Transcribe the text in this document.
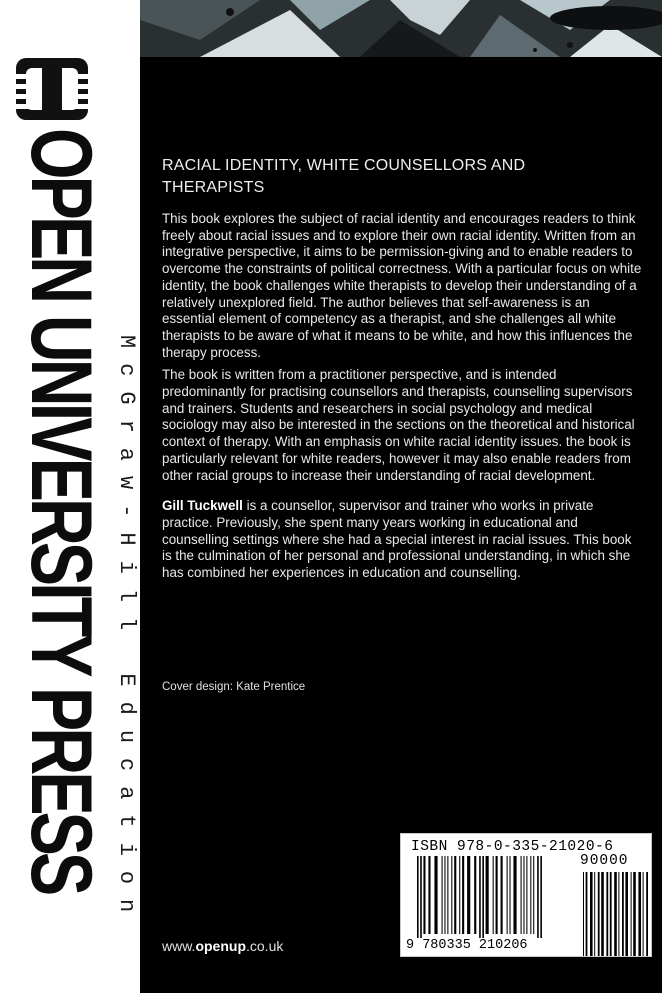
OPEN UNIVERSITY PRESS McGraw-Hill Education
RACIAL IDENTITY, WHITE COUNSELLORS AND
THERAPISTS

This book explores the subject of racial identity and encourages readers to think freely about racial issues and to explore their own racial identity. Written from an integrative perspective, it aims to be permission-giving and to enable readers to overcome the constraints of political correctness. With a particular focus on white identity, the book challenges white therapists to develop their understanding of a relatively unexplored field. The author believes that self-awareness is an essential element of competency as a therapist, and she challenges all white therapists to be aware of what it means to be white, and how this influences the therapy process.

The book is written from a practitioner perspective, and is intended predominantly for practising counsellors and therapists, counselling supervisors and trainers. Students and researchers in social psychology and medical sociology may also be interested in the sections on the theoretical and historical context of therapy. With an emphasis on white racial identity issues. the book is particularly relevant for white readers, however it may also enable readers from other racial groups to increase their understanding of racial development.

Gill Tuckwell is a counsellor, supervisor and trainer who works in private practice. Previously, she spent many years working in educational and counselling settings where she had a special interest in racial issues. This book is the culmination of her personal and professional understanding, in which she has combined her experiences in education and counselling.

Cover design: Kate Prentice
www.openup.co.uk
ISBN 978-0-335-21020-6
90000
9 780335 210206
